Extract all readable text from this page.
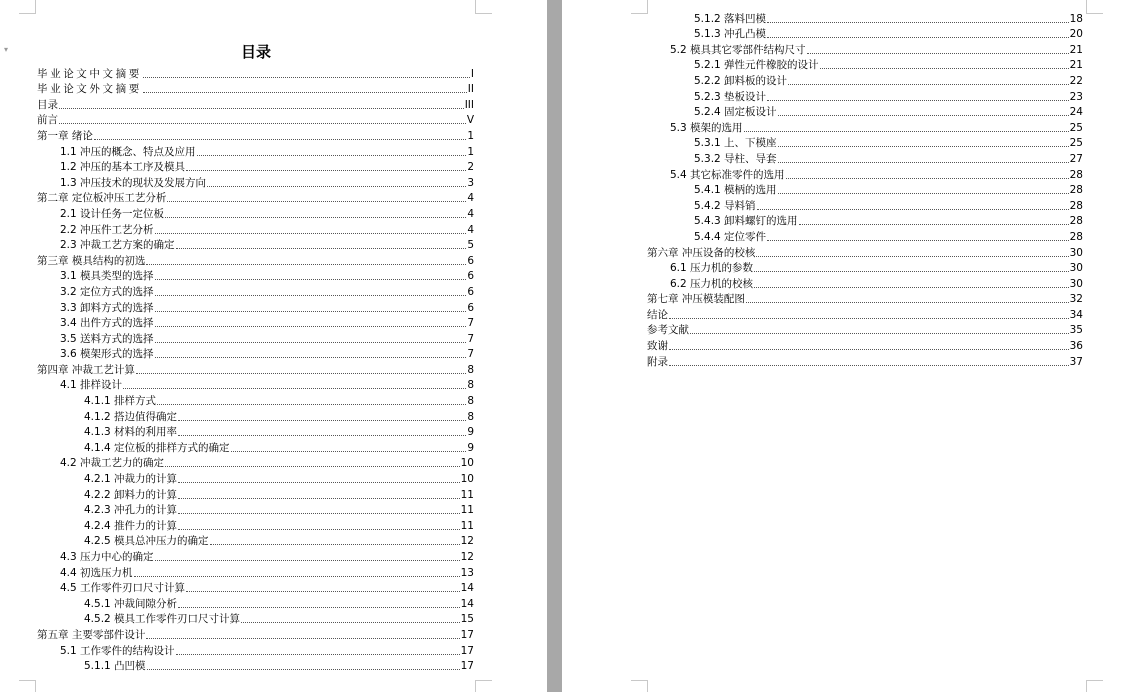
▾	目录
毕业论文中文摘要	I
毕业论文外文摘要	II
目录	III
前言	V
第一章 绪论	1
1.1 冲压的概念、特点及应用	1
1.2 冲压的基本工序及模具	2
1.3 冲压技术的现状及发展方向	3
第二章 定位板冲压工艺分析	4
2.1 设计任务一定位板	4
2.2 冲压件工艺分析	4
2.3 冲裁工艺方案的确定	5
第三章 模具结构的初选	6
3.1 模具类型的选择	6
3.2 定位方式的选择	6
3.3 卸料方式的选择	6
3.4 出件方式的选择	7
3.5 送料方式的选择	7
3.6 模架形式的选择	7
第四章 冲裁工艺计算	8
4.1 排样设计	8
4.1.1 排样方式	8
4.1.2 搭边值得确定	8
4.1.3 材料的利用率	9
4.1.4 定位板的排样方式的确定	9
4.2 冲裁工艺力的确定	10
4.2.1 冲裁力的计算	10
4.2.2 卸料力的计算	11
4.2.3 冲孔力的计算	11
4.2.4 推件力的计算	11
4.2.5 模具总冲压力的确定	12
4.3 压力中心的确定	12
4.4 初选压力机	13
4.5 工作零件刃口尺寸计算	14
4.5.1 冲裁间隙分析	14
4.5.2 模具工作零件刃口尺寸计算	15
第五章 主要零部件设计	17
5.1 工作零件的结构设计	17
5.1.1 凸凹模	17
5.1.2 落料凹模	18
5.1.3 冲孔凸模	20
5.2 模具其它零部件结构尺寸	21
5.2.1 弹性元件橡胶的设计	21
5.2.2 卸料板的设计	22
5.2.3 垫板设计	23
5.2.4 固定板设计	24
5.3 模架的选用	25
5.3.1 上、下模座	25
5.3.2 导柱、导套	27
5.4 其它标准零件的选用	28
5.4.1 模柄的选用	28
5.4.2 导料销	28
5.4.3 卸料螺钉的选用	28
5.4.4 定位零件	28
第六章 冲压设备的校核	30
6.1 压力机的参数	30
6.2 压力机的校核	30
第七章 冲压模装配图	32
结论	34
参考文献	35
致谢	36
附录	37
